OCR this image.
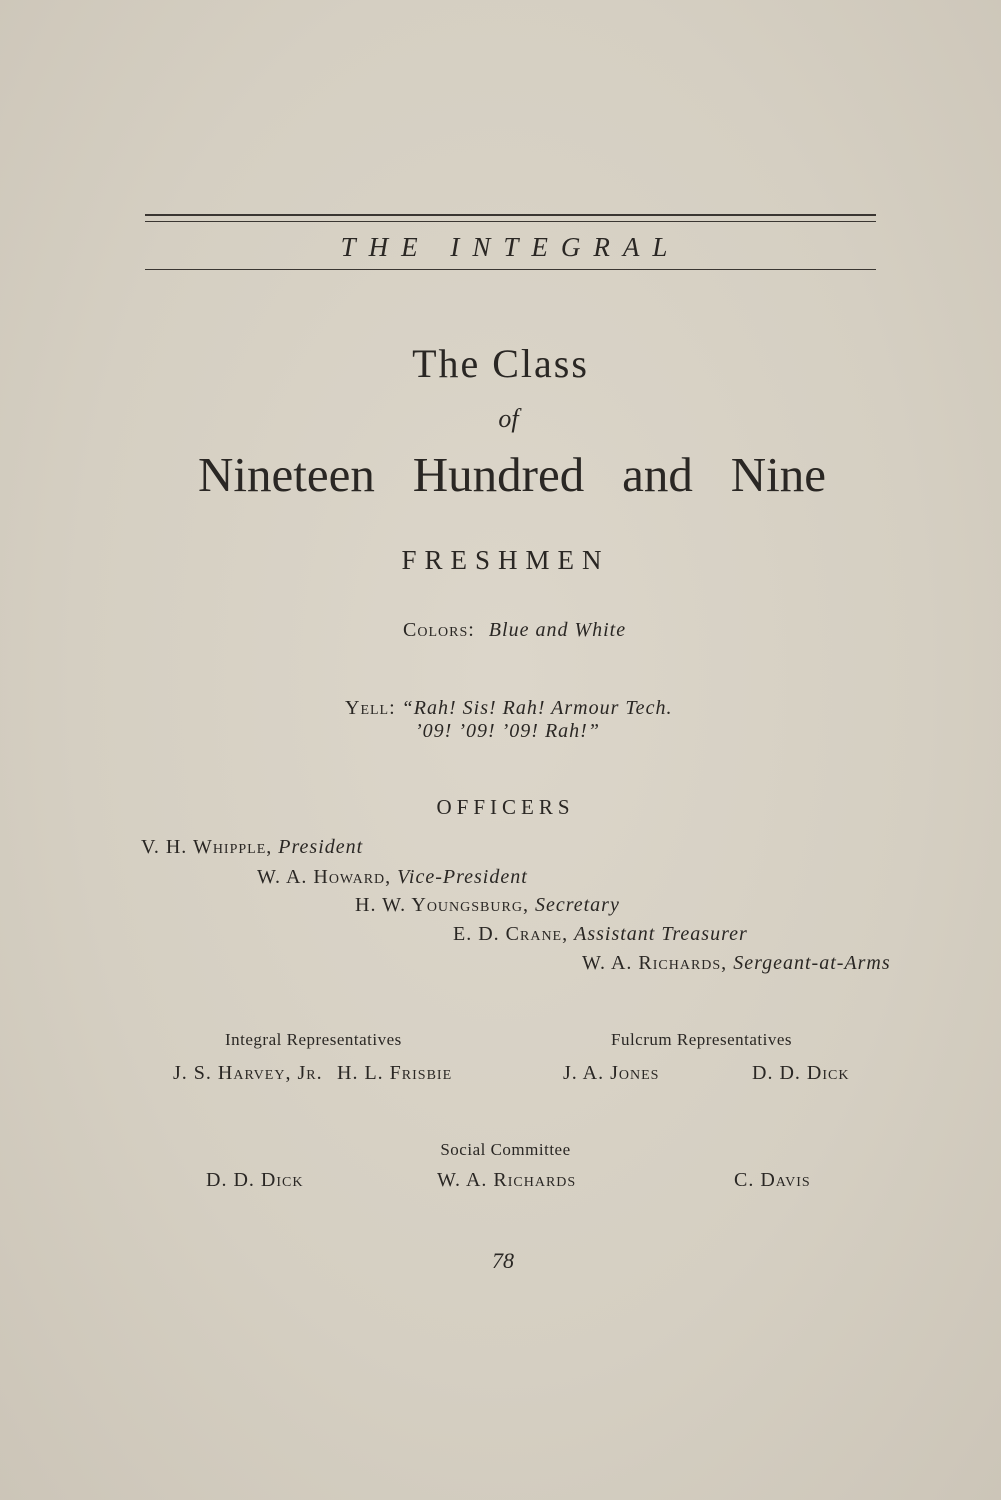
THE INTEGRAL
The Class
of
Nineteen Hundred and Nine
FRESHMEN
Colors: Blue and White
Yell: “Rah! Sis! Rah! Armour Tech.
’09! ’09! ’09! Rah!”
OFFICERS
V. H. Whipple, President
W. A. Howard, Vice-President
H. W. Youngsburg, Secretary
E. D. Crane, Assistant Treasurer
W. A. Richards, Sergeant-at-Arms
Integral Representatives	Fulcrum Representatives
J. S. Harvey, Jr. H. L. Frisbie	J. A. Jones	D. D. Dick
Social Committee
D. D. Dick	W. A. Richards	C. Davis
78
